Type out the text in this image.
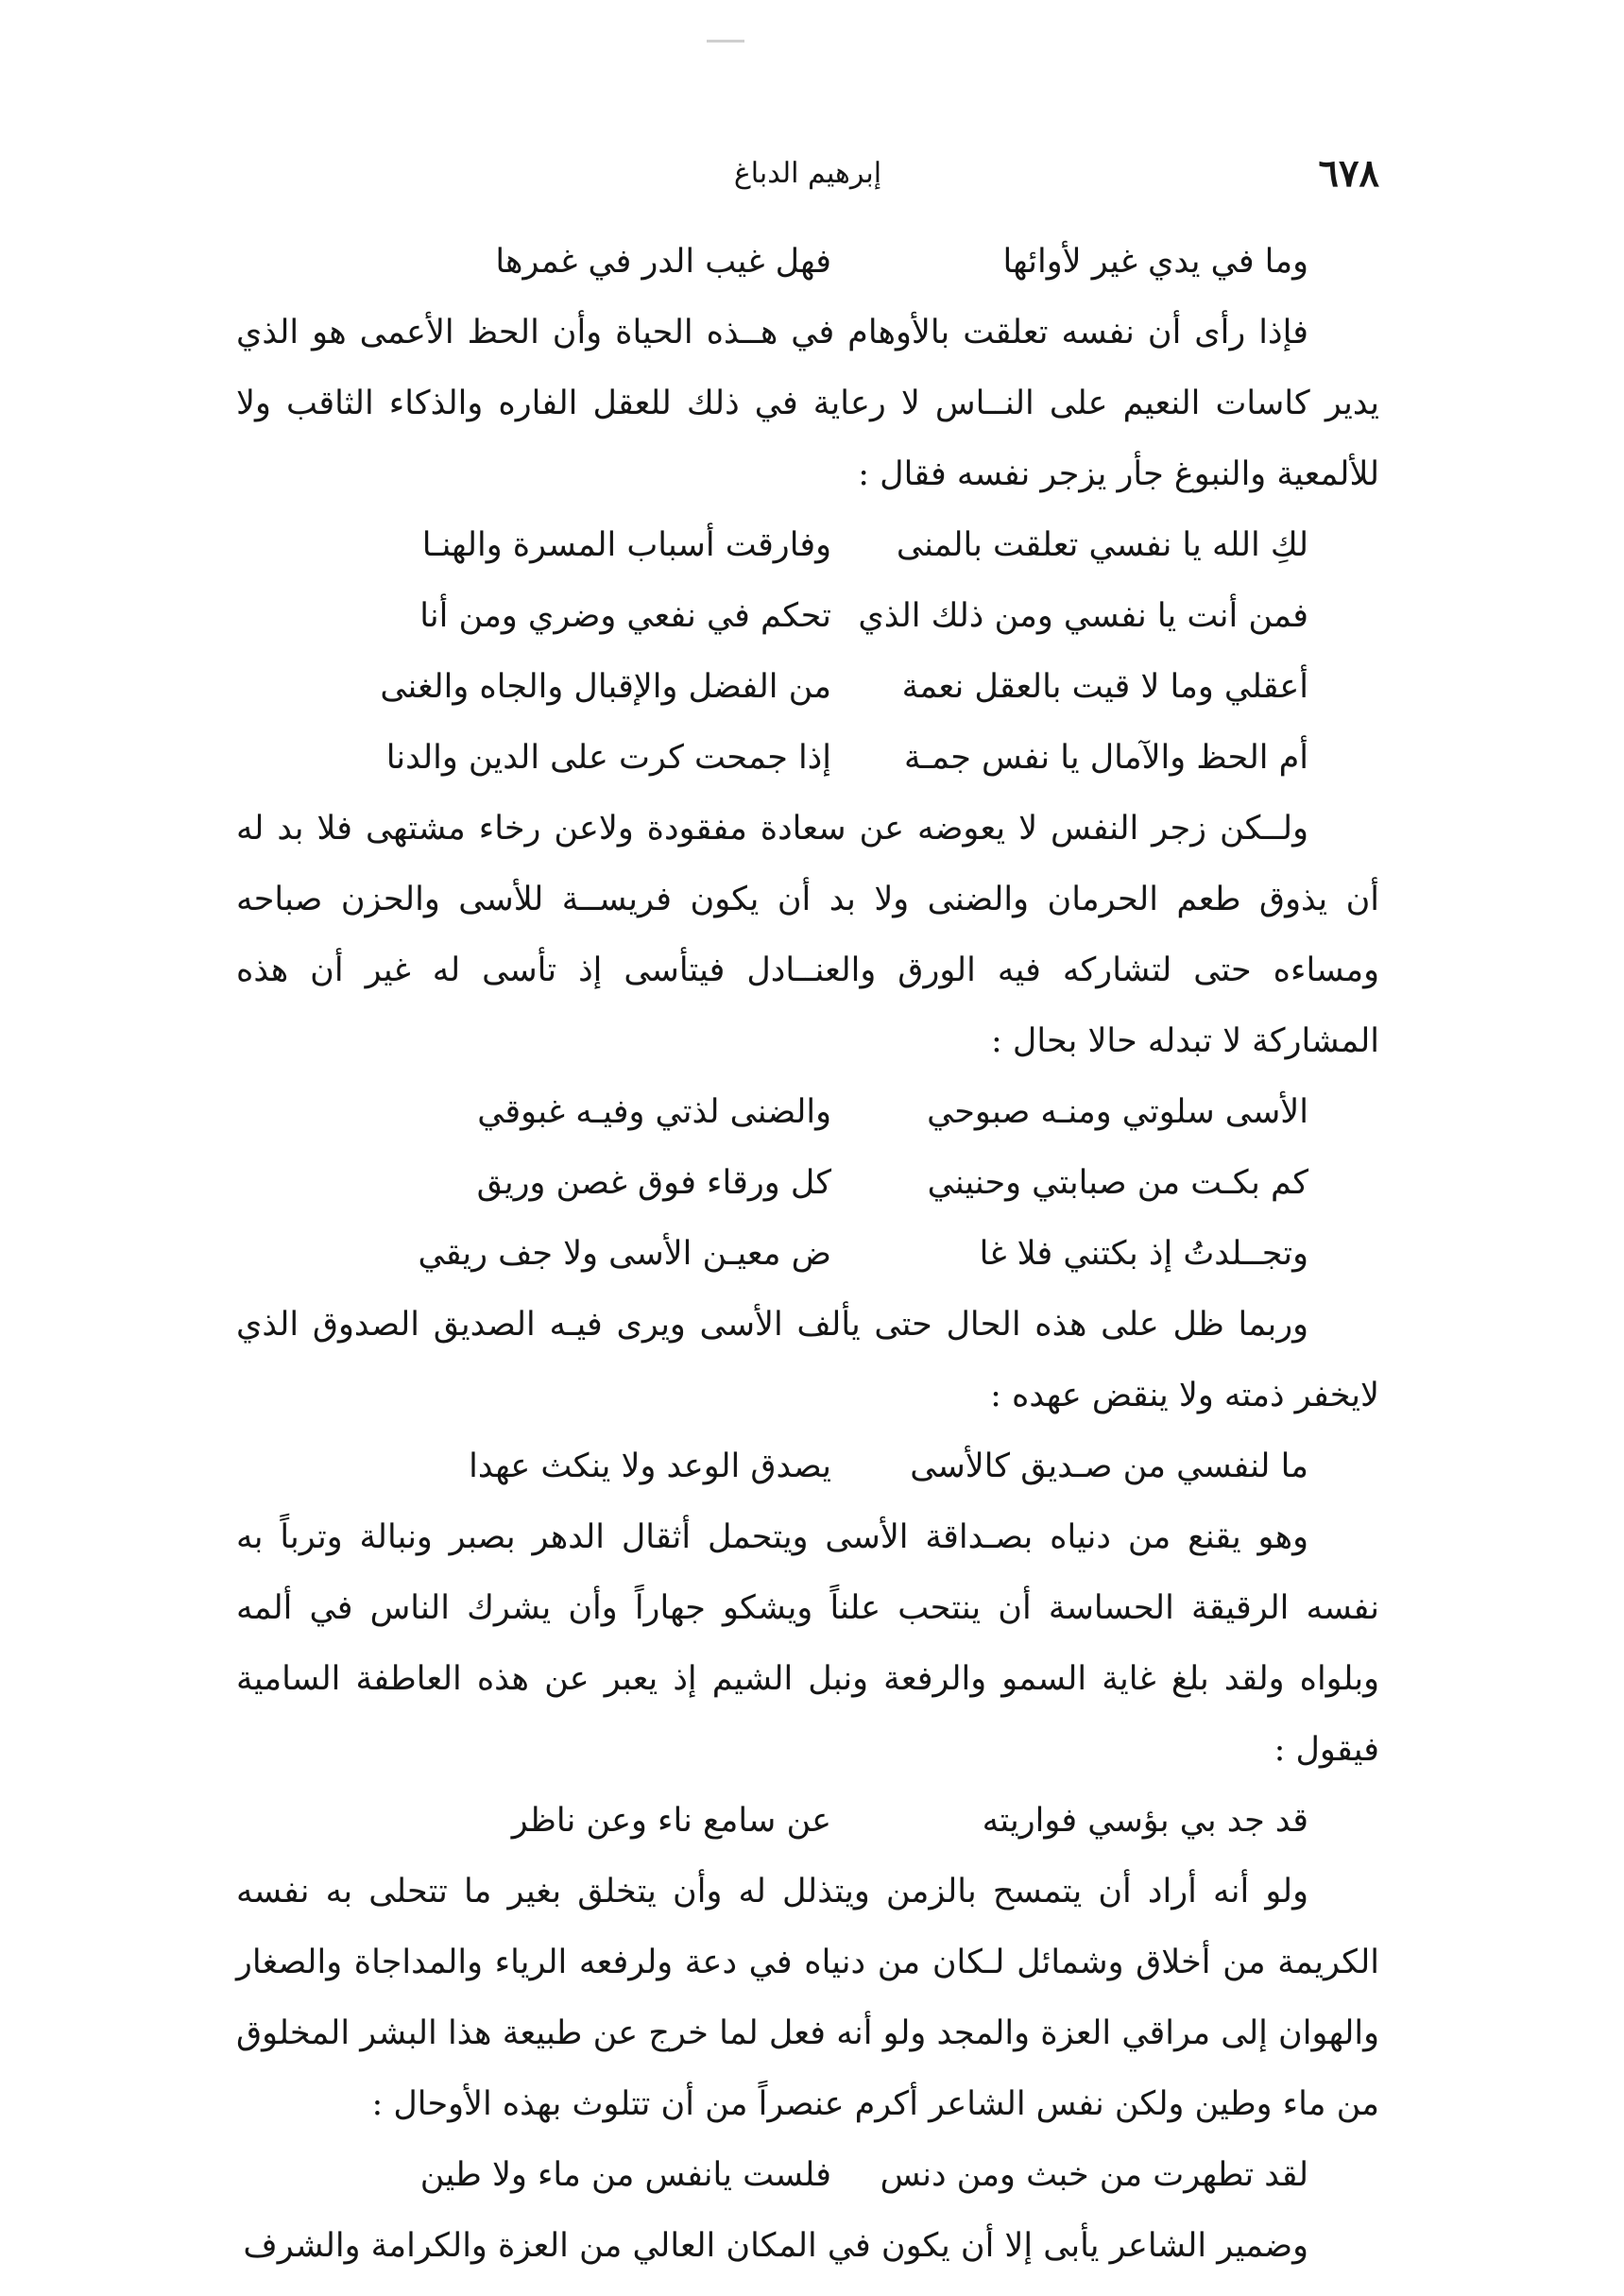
٦٧٨
إبرهيم الدباغ
وما في يدي غير لأوائها
فهل غيب الدر في غمرها

فإذا رأى أن نفسه تعلقت بالأوهام في هــذه الحياة وأن الحظ الأعمى هو الذي يدير كاسات النعيم على النــاس لا رعاية في ذلك للعقل الفاره والذكاء الثاقب ولا للألمعية والنبوغ جأر يزجر نفسه فقال :

لكِ الله يا نفسي تعلقت بالمنى
وفارقت أسباب المسرة والهنـا
فمن أنت يا نفسي ومن ذلك الذي
تحكم في نفعي وضري ومن أنا
أعقلي وما لا قيت بالعقل نعمة
من الفضل والإقبال والجاه والغنى
أم الحظ والآمال يا نفس جمـة
إذا جمحت كرت على الدين والدنا

ولــكن زجر النفس لا يعوضه عن سعادة مفقودة ولاعن رخاء مشتهى فلا بد له أن يذوق طعم الحرمان والضنى ولا بد أن يكون فريســة للأسى والحزن صباحه ومساءه حتى لتشاركه فيه الورق والعنــادل فيتأسى إذ تأسى له غير أن هذه المشاركة لا تبدله حالا بحال :

الأسى سلوتي ومنـه صبوحي
والضنى لذتي وفيـه غبوقي
كم بكـت من صبابتي وحنيني
كل ورقاء فوق غصن وريق
وتجــلدتُ إذ بكتني فلا غا
ض معيـن الأسى ولا جف ريقي

وربما ظل على هذه الحال حتى يألف الأسى ويرى فيـه الصديق الصدوق الذي لايخفر ذمته ولا ينقض عهده :

ما لنفسي من صـديق كالأسى
يصدق الوعد ولا ينكث عهدا

وهو يقنع من دنياه بصـداقة الأسى ويتحمل أثقال الدهر بصبر ونبالة وترباً به نفسه الرقيقة الحساسة أن ينتحب علناً ويشكو جهاراً وأن يشرك الناس في ألمه وبلواه ولقد بلغ غاية السمو والرفعة ونبل الشيم إذ يعبر عن هذه العاطفة السامية فيقول :

قد جد بي بؤسي فواريته
عن سامع ناء وعن ناظر

ولو أنه أراد أن يتمسح بالزمن ويتذلل له وأن يتخلق بغير ما تتحلى به نفسه الكريمة من أخلاق وشمائل لـكان من دنياه في دعة ولرفعه الرياء والمداجاة والصغار والهوان إلى مراقي العزة والمجد ولو أنه فعل لما خرج عن طبيعة هذا البشر المخلوق من ماء وطين ولكن نفس الشاعر أكرم عنصراً من أن تتلوث بهذه الأوحال :

لقد تطهرت من خبث ومن دنس
فلست يانفس من ماء ولا طين

وضمير الشاعر يأبى إلا أن يكون في المكان العالي من العزة والكرامة والشرف
